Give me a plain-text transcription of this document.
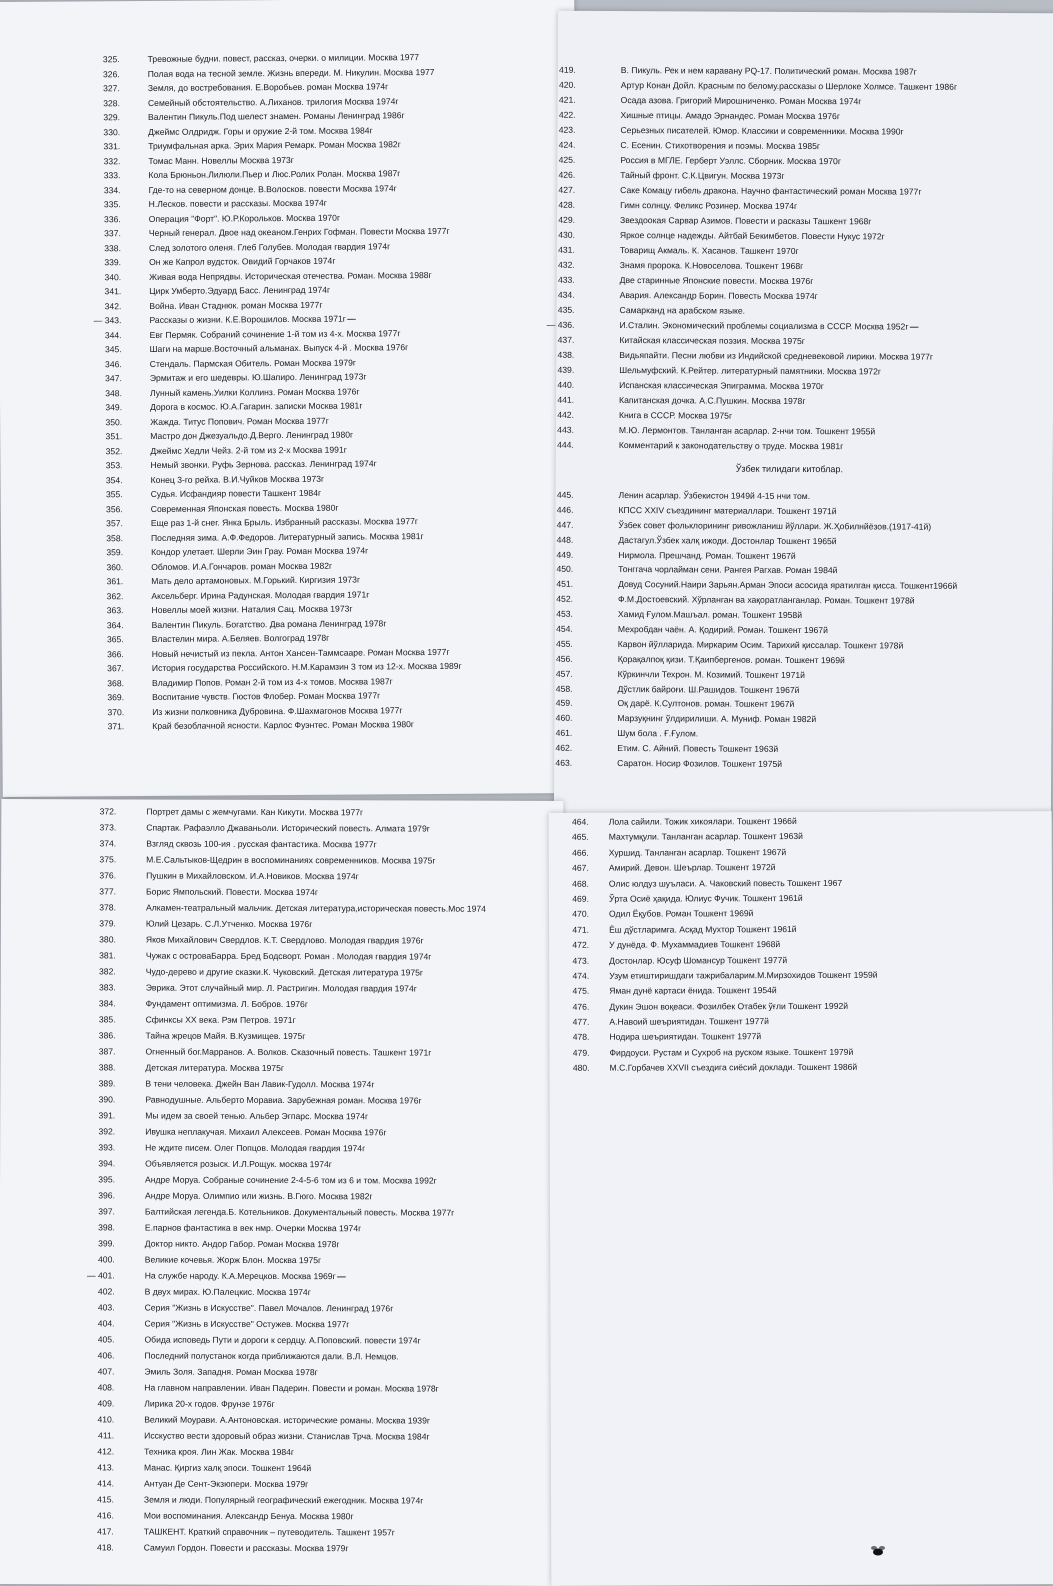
325.	Тревожные будни. повест, рассказ, очерки. о милиции. Москва 1977
326.	Полая вода на тесной земле. Жизнь впереди. М. Никулин. Москва 1977
327.	Земля, до востребования. Е.Воробьев. роман Москва 1974г
328.	Семейный обстоятельство. А.Лиханов. трилогия Москва 1974г
329.	Валентин Пикуль.Под шелест знамен. Романы Ленинград 1986г
330.	Джеймс Олдридж. Горы и оружие 2-й том. Москва 1984г
331.	Триумфальная арка. Эрих Мария Ремарк. Роман Москва 1982г
332.	Томас Манн. Новеллы Москва 1973г
333.	Кола Брюньон.Лилюли.Пьер и Люс.Ролих Ролан. Москва 1987г
334.	Где-то на северном донце. В.Волосков. повести Москва 1974г
335.	Н.Лесков. повести и рассказы. Москва 1974г
336.	Операция "Форт". Ю.Р.Корольков. Москва 1970г
337.	Черный генерал. Двое над океаном.Генрих Гофман. Повести Москва 1977г
338.	След золотого оленя. Глеб Голубев. Молодая гвардия 1974г
339.	Он же Капрол вудсток. Овидий Горчаков 1974г
340.	Живая вода Непрядвы. Историческая отечества. Роман. Москва 1988г
341.	Цирк Умберто.Эдуард Басс. Ленинград 1974г
342.	Война. Иван Стаднюк. роман Москва 1977г
— 343.	Рассказы о жизни. К.Е.Ворошилов. Москва 1971г —
344.	Евг Пермяк. Собраний сочинение 1-й том из 4-х. Москва 1977г
345.	Шаги на марше.Восточный альманах. Выпуск 4-й . Москва 1976г
346.	Стендаль. Пармская Обитель. Роман Москва 1979г
347.	Эрмитаж и его шедевры. Ю.Шапиро. Ленинград 1973г
348.	Лунный камень.Уилки Коллинз. Роман Москва 1976г
349.	Дорога в космос. Ю.А.Гагарин. записки Москва 1981г
350.	Жажда. Титус Попович. Роман Москва 1977г
351.	Мастро дон Джезуальдо.Д.Верго. Ленинград 1980г
352.	Джеймс Хедли Чейз. 2-й том из 2-х Москва 1991г
353.	Немый звонки. Руфь Зернова. рассказ. Ленинград 1974г
354.	Конец 3-го рейха. В.И.Чуйков Москва 1973г
355.	Судья. Исфандияр повести Ташкент 1984г
356.	Современная Японская повесть. Москва 1980г
357.	Еще раз 1-й снег. Янка Брыль. Избранный рассказы. Москва 1977г
358.	Последняя зима. А.Ф.Федоров. Литературный запись. Москва 1981г
359.	Кондор улетает. Шерли Эин Грау. Роман Москва 1974г
360.	Обломов. И.А.Гончаров. роман Москва 1982г
361.	Мать дело артамоновых. М.Горький. Киргизия 1973г
362.	Аксельберг. Ирина Радунская. Молодая гвардия 1971г
363.	Новеллы моей жизни. Наталия Сац. Москва 1973г
364.	Валентин Пикуль. Богатство. Два романа Ленинград 1978г
365.	Властелин мира. А.Беляев. Волгоград 1978г
366.	Новый нечистый из пекла. Антон Хансен-Таммсааре. Роман Москва 1977г
367.	История государства Российского. Н.М.Карамзин 3 том из 12-х. Москва 1989г
368.	Владимир Попов. Роман 2-й том из 4-х томов. Москва 1987г
369.	Воспитание чувств. Гюстов Флобер. Роман Москва 1977г
370.	Из жизни полковника Дубровина. Ф.Шахмагонов Москва 1977г
371.	Край безоблачной ясности. Карлос Фуэнтес. Роман Москва 1980г
419.	В. Пикуль. Рек и нем каравану PQ-17. Политический роман. Москва 1987г
420.	Артур Конан Дойл. Красным по белому.рассказы о Шерлоке Холмсе. Ташкент 1986г
421.	Осада азова. Григорий Мирошниченко. Роман Москва 1974г
422.	Хишные птицы. Амадо Эрнандес. Роман Москва 1976г
423.	Серьезных писателей. Юмор. Классики и современники. Москва 1990г
424.	С. Есенин. Стихотворения и поэмы. Москва 1985г
425.	Россия в МГЛЕ. Герберт Уэллс. Сборник. Москва 1970г
426.	Тайный фронт. С.К.Цвигун. Москва 1973г
427.	Саке Комацу гибель дракона. Научно фантастический роман Москва 1977г
428.	Гимн солнцу. Феликс Розинер. Москва 1974г
429.	Звездоокая Сарвар Азимов. Повести и расказы Ташкент 1968г
430.	Яркое солнце надежды. Айтбай Бекимбетов. Повести Нукус 1972г
431.	Товарищ Акмаль. К. Хасанов. Ташкент 1970г
432.	Знамя пророка. К.Новоселова. Тошкент 1968г
433.	Две старинные Японские повести. Москва 1976г
434.	Авария. Александр Борин. Повесть Москва 1974г
435.	Самарканд на арабском языке.
— 436.	И.Сталин. Экономический проблемы социализма в СССР. Москва 1952г —
437.	Китайская классическая поэзия. Москва 1975г
438.	Видьяпайти. Песни любви из Индийской средневековой лирики. Москва 1977г
439.	Шельмуфский. К.Рейтер. литературный памятники. Москва 1972г
440.	Испанская классическая Эпиграмма. Москва 1970г
441.	Капитанская дочка. А.С.Пушкин. Москва 1978г
442.	Книга в СССР. Москва 1975г
443.	М.Ю. Лермонтов. Танланган асарлар. 2-нчи том. Тошкент 1955й
444.	Комментарий к законодательству о труде. Москва 1981г
Ўзбек тилидаги китоблар.
445.	Ленин асарлар. Ўзбекистон 1949й 4-15 нчи том.
446.	КПСС XXIV съездининг материаллари. Тошкент 1971й
447.	Ўзбек совет фольклорининг ривожланиш йўллари. Ж.Ҳобилнйёзов.(1917-41й)
448.	Дастагул.Ўзбек халқ ижоди. Достонлар Тошкент 1965й
449.	Нирмола. Прешчанд. Роман. Тошкент 1967й
450.	Тонггача чорлайман сени. Рангея Рагхав. Роман 1984й
451.	Довуд Сосуний.Наири Зарьян.Арман Эпоси асосида яратилган қисса. Тошкент1966й
452.	Ф.М.Достоевский. Хўрланган ва хақоратланганлар. Роман. Тошкент 1978й
453.	Хамид Ғулом.Машъал. роман. Тошкент 1958й
454.	Мехробдан чаён. А. Қодирий. Роман. Тошкент 1967й
455.	Карвон йўлларида. Миркарим Осим. Тарихий қиссалар. Тошкент 1978й
456.	Қорақалпоқ қизи. Т.Қаипбергенов. роман. Тошкент 1969й
457.	Кўркинчли Техрон. М. Козимий. Тошкент 1971й
458.	Дўстлик байроғи. Ш.Рашидов. Тошкент 1967й
459.	Оқ дарё. К.Султонов. роман. Тошкент 1967й
460.	Марзуқнинг ўлдирилиши. А. Муниф. Роман 1982й
461.	Шум бола . Ғ.Ғулом.
462.	Етим. С. Айний. Повесть Тошкент 1963й
463.	Саратон. Носир Фозилов. Тошкент 1975й
372.	Портрет дамы с жемчугами. Кан Кикути. Москва 1977г
373.	Спартак. Рафаэлло Джаваньоли. Исторический повесть. Алмата 1979г
374.	Взгляд сквозь 100-ия . русская фантастика. Москва 1977г
375.	М.Е.Сальтыков-Щедрин в воспоминаниях современников. Москва 1975г
376.	Пушкин в Михайловском. И.А.Новиков. Москва 1974г
377.	Борис Ямпольский. Повести. Москва 1974г
378.	Алкамен-театральный мальчик. Детская литература,историческая повесть.Мос 1974
379.	Юлий Цезарь. С.Л.Утченко. Москва 1976г
380.	Яков Михайлович Свердлов. К.Т. Свердлово. Молодая гвардия 1976г
381.	Чужак с островаБарра. Бред Бодсворт. Роман . Молодая гвардия 1974г
382.	Чудо-дерево и другие сказки.К. Чуковский. Детская литература 1975г
383.	Эврика. Этот случайный мир. Л. Растригин. Молодая гвардия 1974г
384.	Фундамент оптимизма. Л. Бобров. 1976г
385.	Сфинксы XX века. Рэм Петров. 1971г
386.	Тайна жрецов Майя. В.Кузмищев. 1975г
387.	Огненный бог.Марранов. А. Волков. Сказочный повесть. Ташкент 1971г
388.	Детская литература. Москва 1975г
389.	В тени человека. Джейн Ван Лавик-Гудолл. Москва 1974г
390.	Равнодушные. Альберто Моравиа. Зарубежная роман. Москва 1976г
391.	Мы идем за своей тенью. Альбер Эгпарс. Москва 1974г
392.	Ивушка неплакучая. Михаил Алексеев. Роман Москва 1976г
393.	Не ждите писем. Олег Попцов. Молодая гвардия 1974г
394.	Объявляется розыск. И.Л.Рощук. москва 1974г
395.	Андре Моруа. Собраные сочинение 2-4-5-6 том из 6 и том. Москва 1992г
396.	Андре Моруа. Олимпио или жизнь. В.Гюго. Москва 1982г
397.	Балтийская легенда.Б. Котельников. Документальный повесть. Москва 1977г
398.	Е.парнов фантастика в век нмр. Очерки Москва 1974г
399.	Доктор никто. Андор Габор. Роман Москва 1978г
400.	Великие кочевья. Жорж Блон. Москва 1975г
— 401.	На службе народу. К.А.Мерецков. Москва 1969г —
402.	В двух мирах. Ю.Палецкис. Москва 1974г
403.	Серия "Жизнь в Искусстве". Павел Мочалов. Ленинград 1976г
404.	Серия "Жизнь в Искусстве" Остужев. Москва 1977г
405.	Обида исповедь Пути и дороги к сердцу. А.Поповский. повести 1974г
406.	Последний полустанок когда приближаются дали. В.Л. Немцов.
407.	Эмиль Золя. Западня. Роман Москва 1978г
408.	На главном направлении. Иван Падерин. Повести и роман. Москва 1978г
409.	Лирика 20-х годов. Фрунзе 1976г
410.	Великий Моурави. А.Антоновская. исторические романы. Москва 1939г
411.	Исскуство вести здоровый образ жизни. Станислав Трча. Москва 1984г
412.	Техника кроя. Лин Жак. Москва 1984г
413.	Манас. Қиргиз халқ эпоси. Тошкент 1964й
414.	Антуан Де Сент-Экзюпери. Москва 1979г
415.	Земля и люди. Популярный географический ежегодник. Москва 1974г
416.	Мои воспоминания. Александр Бенуа. Москва 1980г
417.	ТАШКЕНТ. Краткий справочник – путеводитель. Ташкент 1957г
418.	Самуил Гордон. Повести и рассказы. Москва 1979г
464. Лола сайили. Тожик хикоялари. Тошкент 1966й
465. Махтумқули. Танланган асарлар. Тошкент 1963й
466. Хуршид. Танланган асарлар. Тошкент 1967й
467. Амирий. Девон. Шеърлар. Тошкент 1972й
468. Олис юлдуз шуъласи. А. Чаковский повесть Тошкент 1967
469. Ўрта Осиё ҳақида. Юлиус Фучик. Тошкент 1961й
470. Одил Ёқубов. Роман Тошкент 1969й
471. Ёш дўстларимга. Асқад Мухтор Тошкент 1961й
472. У дунёда. Ф. Мухаммадиев Тошкент 1968й
473. Достонлар. Юсуф Шоманcур Тошкент 1977й
474. Узум етиштиришдаги тажрибаларим.М.Мирзохидов Тошкент 1959й
475. Яман дунё картаси ёнида. Тошкент 1954й
476. Дукин Эшон воқеаси. Фозилбек Отабек ўғли Тошкент 1992й
477. А.Навоий шеъриятидан. Тошкент 1977й
478. Нодира шеъриятидан. Тошкент 1977й
479. Фирдоуси. Рустам и Сухроб на руском языке. Тошкент 1979й
480. М.С.Горбачев XXVII съездига сиёсий доклади. Тошкент 1986й
